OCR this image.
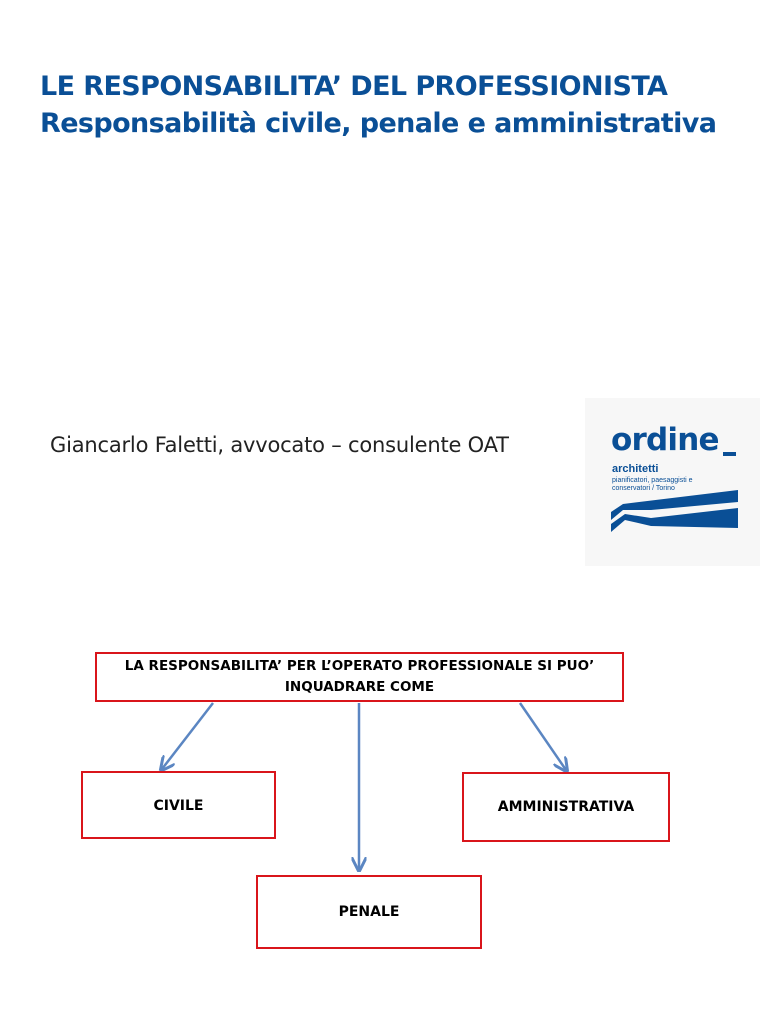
LE RESPONSABILITA’ DEL PROFESSIONISTA
Responsabilità civile, penale e amministrativa
Giancarlo Faletti, avvocato – consulente OAT	ordine
architetti
pianificatori, paesaggisti e conservatori / Torino
LA RESPONSABILITA’ PER L’OPERATO PROFESSIONALE SI PUO’ INQUADRARE COME
CIVILE	AMMINISTRATIVA
PENALE
